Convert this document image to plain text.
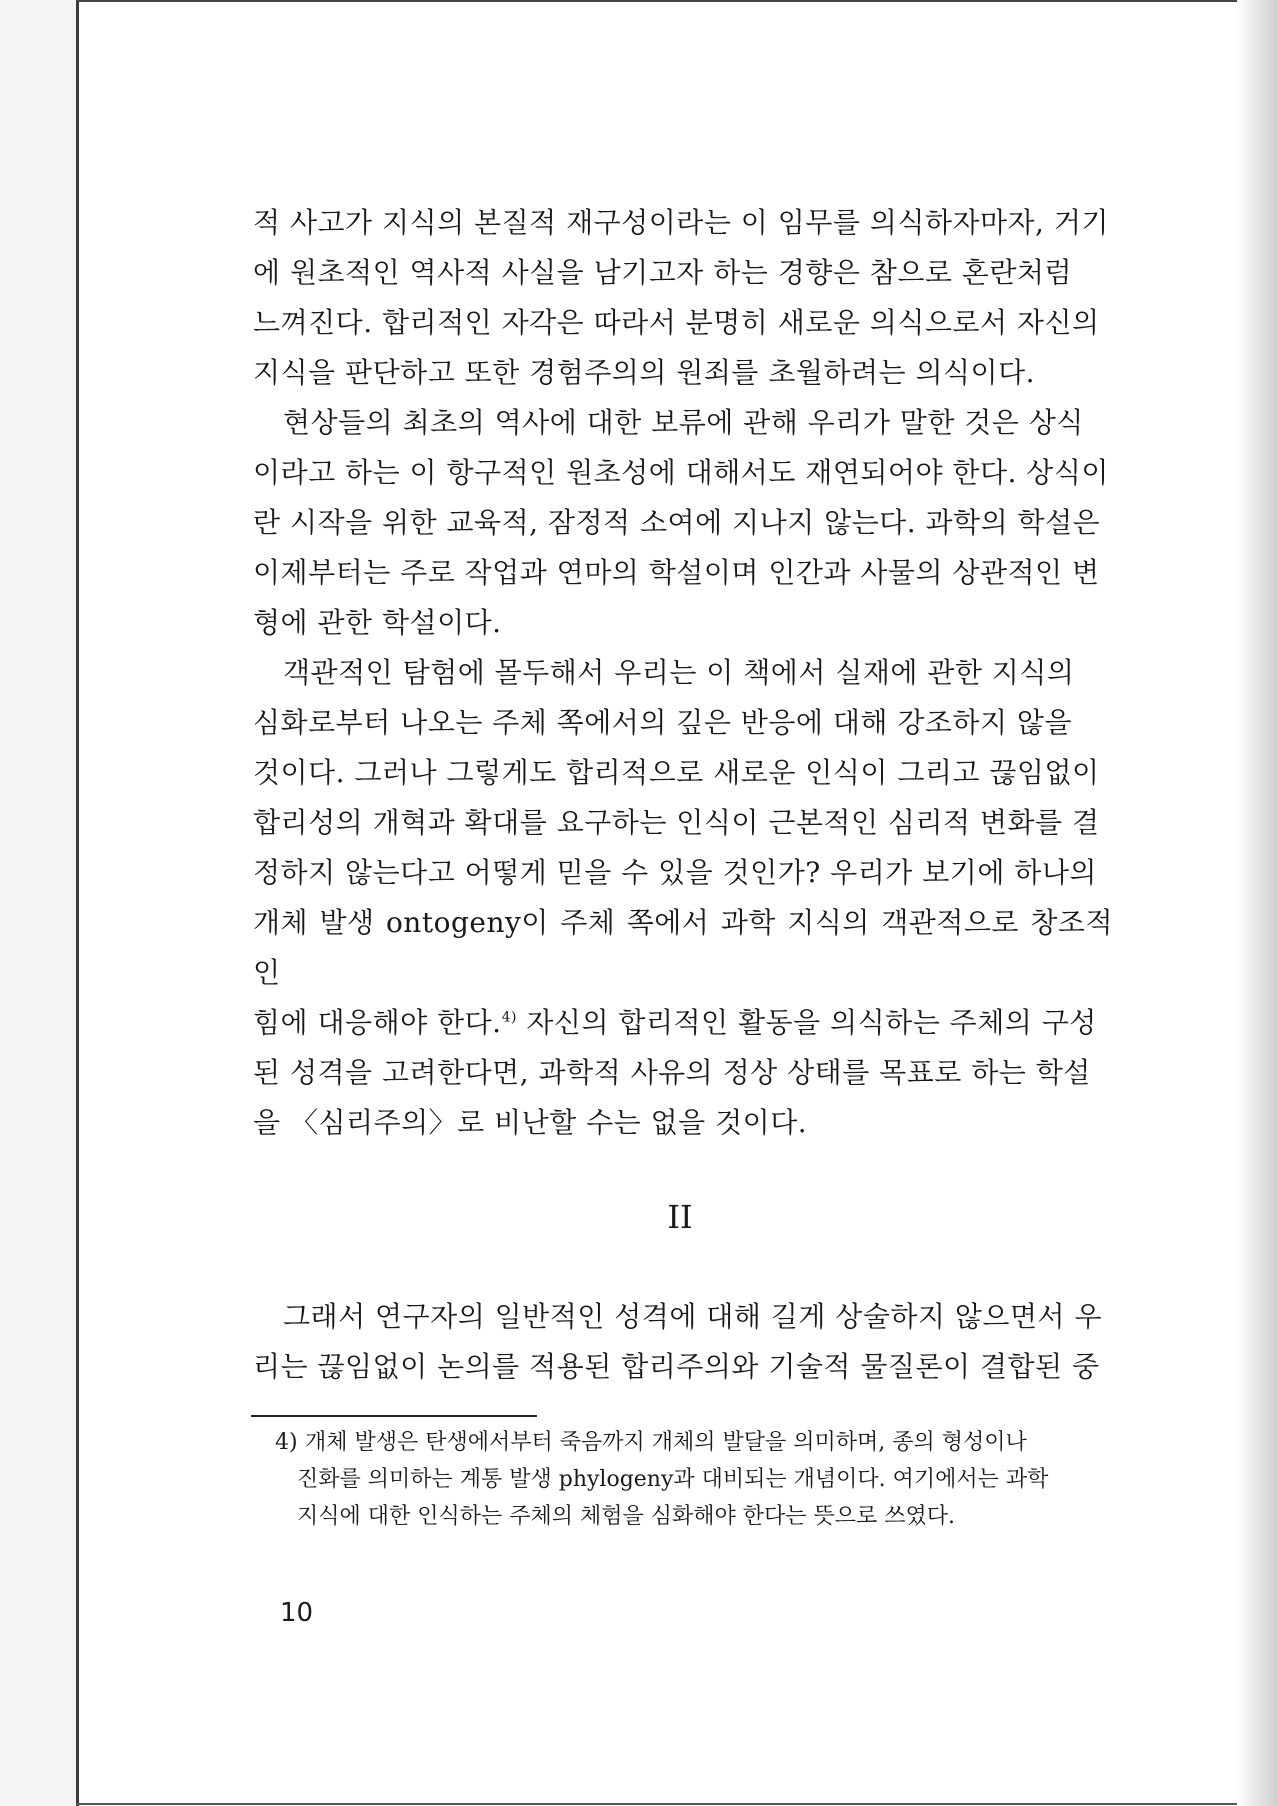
적 사고가 지식의 본질적 재구성이라는 이 임무를 의식하자마자, 거기
에 원초적인 역사적 사실을 남기고자 하는 경향은 참으로 혼란처럼
느껴진다. 합리적인 자각은 따라서 분명히 새로운 의식으로서 자신의
지식을 판단하고 또한 경험주의의 원죄를 초월하려는 의식이다.
현상들의 최초의 역사에 대한 보류에 관해 우리가 말한 것은 상식
이라고 하는 이 항구적인 원초성에 대해서도 재연되어야 한다. 상식이
란 시작을 위한 교육적, 잠정적 소여에 지나지 않는다. 과학의 학설은
이제부터는 주로 작업과 연마의 학설이며 인간과 사물의 상관적인 변
형에 관한 학설이다.
객관적인 탐험에 몰두해서 우리는 이 책에서 실재에 관한 지식의
심화로부터 나오는 주체 쪽에서의 깊은 반응에 대해 강조하지 않을
것이다. 그러나 그렇게도 합리적으로 새로운 인식이 그리고 끊임없이
합리성의 개혁과 확대를 요구하는 인식이 근본적인 심리적 변화를 결
정하지 않는다고 어떻게 믿을 수 있을 것인가? 우리가 보기에 하나의
개체 발생 ontogeny이 주체 쪽에서 과학 지식의 객관적으로 창조적인
힘에 대응해야 한다.$^{4)}$ 자신의 합리적인 활동을 의식하는 주체의 구성
된 성격을 고려한다면, 과학적 사유의 정상 상태를 목표로 하는 학설
을 〈심리주의〉로 비난할 수는 없을 것이다.
II
그래서 연구자의 일반적인 성격에 대해 길게 상술하지 않으면서 우
리는 끊임없이 논의를 적용된 합리주의와 기술적 물질론이 결합된 중
4) 개체 발생은 탄생에서부터 죽음까지 개체의 발달을 의미하며, 종의 형성이나
진화를 의미하는 계통 발생 phylogeny과 대비되는 개념이다. 여기에서는 과학
지식에 대한 인식하는 주체의 체험을 심화해야 한다는 뜻으로 쓰였다.
10
